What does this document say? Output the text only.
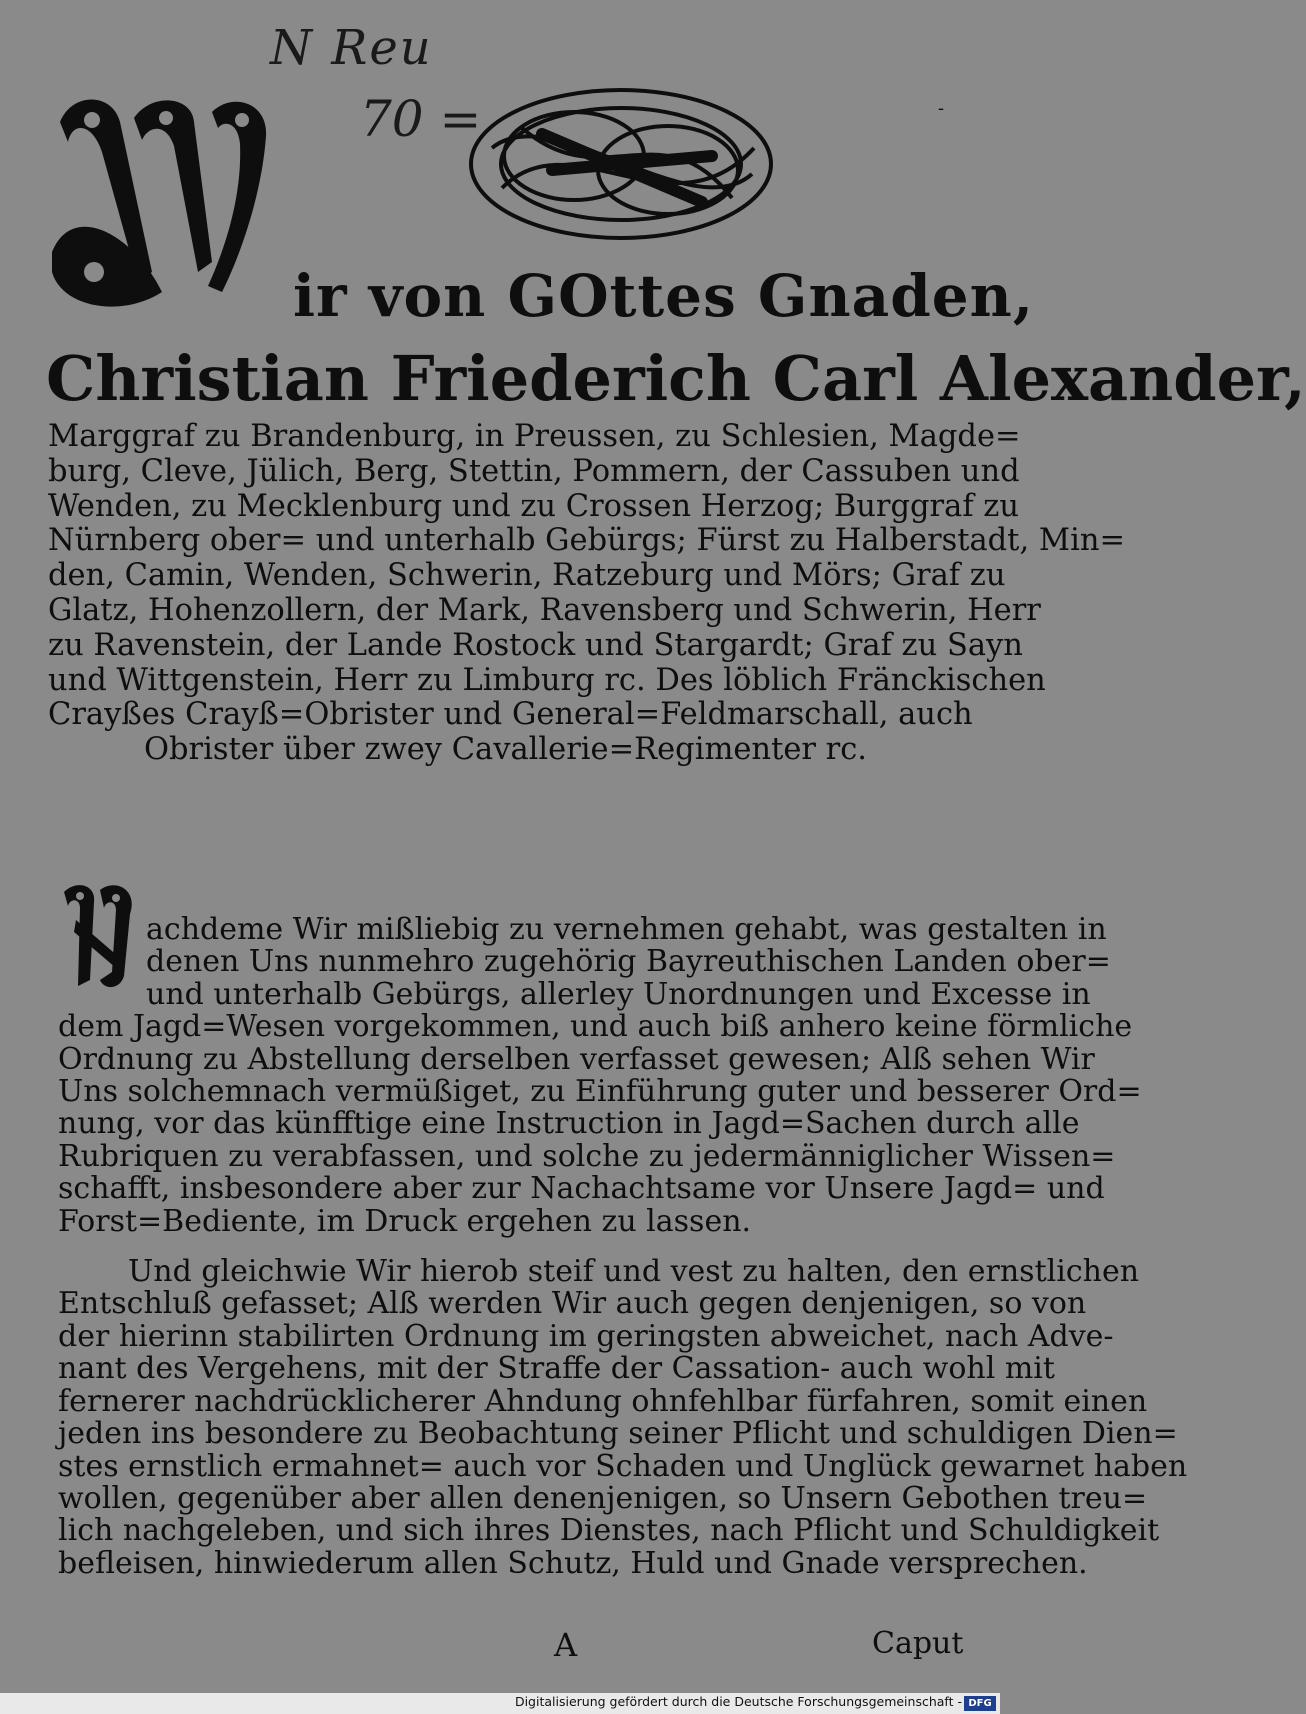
N Reu
70 =	-
ir von GOttes Gnaden,
Christian Friederich Carl Alexander,
Marggraf zu Brandenburg, in Preussen, zu Schlesien, Magde=
burg, Cleve, Jülich, Berg, Stettin, Pommern, der Cassuben und
Wenden, zu Mecklenburg und zu Crossen Herzog; Burggraf zu
Nürnberg ober= und unterhalb Gebürgs; Fürst zu Halberstadt, Min=
den, Camin, Wenden, Schwerin, Ratzeburg und Mörs; Graf zu
Glatz, Hohenzollern, der Mark, Ravensberg und Schwerin, Herr
zu Ravenstein, der Lande Rostock und Stargardt; Graf zu Sayn
und Wittgenstein, Herr zu Limburg rc. Des löblich Fränckischen
Crayßes Crayß=Obrister und General=Feldmarschall, auch
Obrister über zwey Cavallerie=Regimenter rc.
achdeme Wir mißliebig zu vernehmen gehabt, was gestalten in
denen Uns nunmehro zugehörig Bayreuthischen Landen ober=
und unterhalb Gebürgs, allerley Unordnungen und Excesse in
dem Jagd=Wesen vorgekommen, und auch biß anhero keine förmliche
Ordnung zu Abstellung derselben verfasset gewesen; Alß sehen Wir
Uns solchemnach vermüßiget, zu Einführung guter und besserer Ord=
nung, vor das künfftige eine Instruction in Jagd=Sachen durch alle
Rubriquen zu verabfassen, und solche zu jedermänniglicher Wissen=
schafft, insbesondere aber zur Nachachtsame vor Unsere Jagd= und
Forst=Bediente, im Druck ergehen zu lassen.
Und gleichwie Wir hierob steif und vest zu halten, den ernstlichen
Entschluß gefasset; Alß werden Wir auch gegen denjenigen, so von
der hierinn stabilirten Ordnung im geringsten abweichet, nach Adve-
nant des Vergehens, mit der Straffe der Cassation- auch wohl mit
fernerer nachdrücklicherer Ahndung ohnfehlbar fürfahren, somit einen
jeden ins besondere zu Beobachtung seiner Pflicht und schuldigen Dien=
stes ernstlich ermahnet= auch vor Schaden und Unglück gewarnet haben
wollen, gegenüber aber allen denenjenigen, so Unsern Gebothen treu=
lich nachgeleben, und sich ihres Dienstes, nach Pflicht und Schuldigkeit
befleisen, hinwiederum allen Schutz, Huld und Gnade versprechen.
A	Caput
Digitalisierung gefördert durch die Deutsche Forschungsgemeinschaft - DFG
